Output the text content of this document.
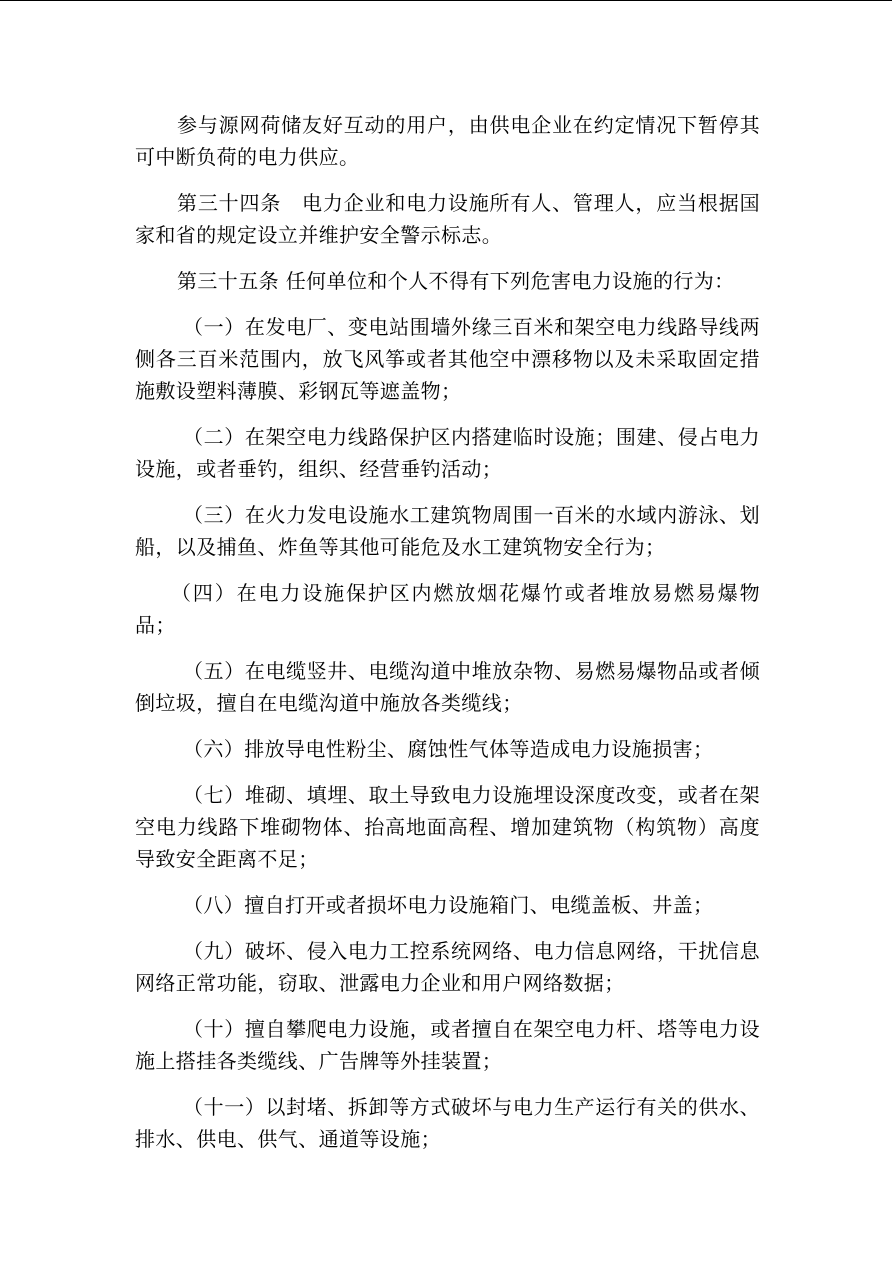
参与源网荷储友好互动的用户，由供电企业在约定情况下暂停其可中断负荷的电力供应。

第三十四条　电力企业和电力设施所有人、管理人，应当根据国家和省的规定设立并维护安全警示标志。

第三十五条 任何单位和个人不得有下列危害电力设施的行为：

（一）在发电厂、变电站围墙外缘三百米和架空电力线路导线两侧各三百米范围内，放飞风筝或者其他空中漂移物以及未采取固定措施敷设塑料薄膜、彩钢瓦等遮盖物；

（二）在架空电力线路保护区内搭建临时设施；围建、侵占电力设施，或者垂钓，组织、经营垂钓活动；

（三）在火力发电设施水工建筑物周围一百米的水域内游泳、划船，以及捕鱼、炸鱼等其他可能危及水工建筑物安全行为；

（四）在电力设施保护区内燃放烟花爆竹或者堆放易燃易爆物品；

（五）在电缆竖井、电缆沟道中堆放杂物、易燃易爆物品或者倾倒垃圾，擅自在电缆沟道中施放各类缆线；

（六）排放导电性粉尘、腐蚀性气体等造成电力设施损害；

（七）堆砌、填埋、取土导致电力设施埋设深度改变，或者在架空电力线路下堆砌物体、抬高地面高程、增加建筑物（构筑物）高度导致安全距离不足；

（八）擅自打开或者损坏电力设施箱门、电缆盖板、井盖；

（九）破坏、侵入电力工控系统网络、电力信息网络，干扰信息网络正常功能，窃取、泄露电力企业和用户网络数据；

（十）擅自攀爬电力设施，或者擅自在架空电力杆、塔等电力设施上搭挂各类缆线、广告牌等外挂装置；

（十一）以封堵、拆卸等方式破坏与电力生产运行有关的供水、排水、供电、供气、通道等设施；
